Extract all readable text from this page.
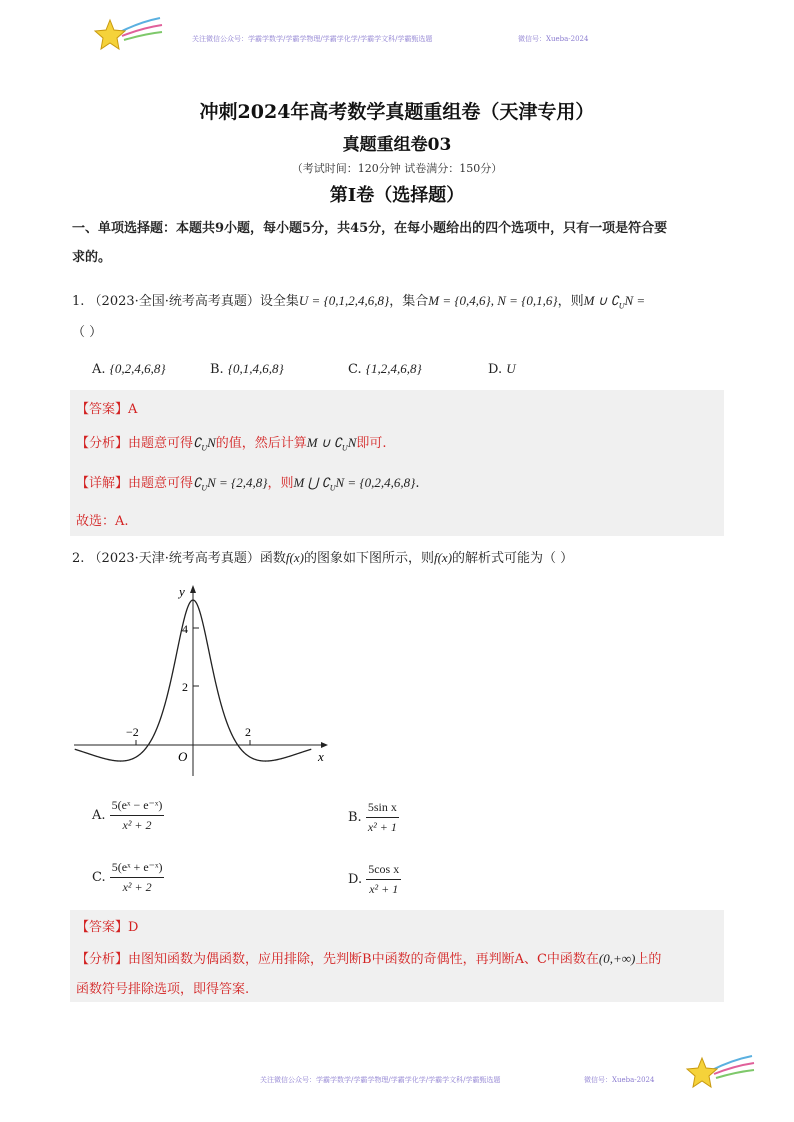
关注微信公众号：学霸学数学/学霸学物理/学霸学化学/学霸学文科/学霸甄选题	微信号：Xueba-2024
冲刺2024年高考数学真题重组卷（天津专用）
真题重组卷03
（考试时间：120分钟 试卷满分：150分）
第I卷（选择题）
一、单项选择题：本题共9小题，每小题5分，共45分，在每小题给出的四个选项中，只有一项是符合要
求的。
1. （2023·全国·统考高考真题）设全集U = {0,1,2,4,6,8}，集合M = {0,4,6}, N = {0,1,6}，则M ∪ $∁_UN$ =
（ ）
A. {0,2,4,6,8}	B. {0,1,4,6,8}	C. {1,2,4,6,8}	D. U
【答案】A
【分析】由题意可得$∁_UN$的值，然后计算M ∪ $∁_UN$即可.
【详解】由题意可得$∁_UN = \{2,4,8\}$，则M ⋃ $∁_UN = \{0,2,4,6,8\}$.
故选：A.
2. （2023·天津·统考高考真题）函数f(x)的图象如下图所示，则f(x)的解析式可能为（ ）
y
x
O
4
2
−2	2
A. $\frac{\text{5(eˣ − e⁻ˣ)}}{\text{x² + 2}}$	B. $\frac{\text{5sin x}}{\text{x² + 1}}$
C. $\frac{\text{5(eˣ + e⁻ˣ)}}{\text{x² + 2}}$	D. $\frac{\text{5cos x}}{\text{x² + 1}}$
【答案】D
【分析】由图知函数为偶函数，应用排除，先判断B中函数的奇偶性，再判断A、C中函数在(0,+∞)上的
函数符号排除选项，即得答案.
关注微信公众号：学霸学数学/学霸学物理/学霸学化学/学霸学文科/学霸甄选题	微信号：Xueba-2024
